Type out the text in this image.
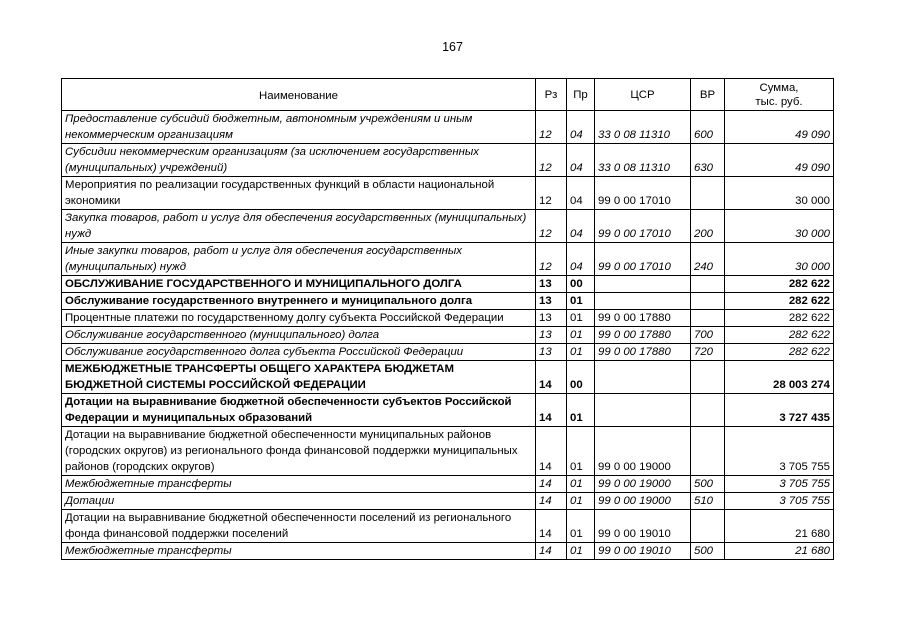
167
Наименование	Рз	Пр	ЦСР	ВР	Сумма,
тыс. руб.
Предоставление субсидий бюджетным, автономным учреждениям и иным некоммерческим организациям	12	04	33 0 08 11310	600	49 090
Субсидии некоммерческим организациям (за исключением государственных (муниципальных) учреждений)	12	04	33 0 08 11310	630	49 090
Мероприятия по реализации государственных функций в области национальной экономики	12	04	99 0 00 17010		30 000
Закупка товаров, работ и услуг для обеспечения государственных (муниципальных) нужд	12	04	99 0 00 17010	200	30 000
Иные закупки товаров, работ и услуг для обеспечения государственных (муниципальных) нужд	12	04	99 0 00 17010	240	30 000
ОБСЛУЖИВАНИЕ ГОСУДАРСТВЕННОГО И МУНИЦИПАЛЬНОГО ДОЛГА	13	00			282 622
Обслуживание государственного внутреннего и муниципального долга	13	01			282 622
Процентные платежи по государственному долгу субъекта Российской Федерации	13	01	99 0 00 17880		282 622
Обслуживание государственного (муниципального) долга	13	01	99 0 00 17880	700	282 622
Обслуживание государственного долга субъекта Российской Федерации	13	01	99 0 00 17880	720	282 622
МЕЖБЮДЖЕТНЫЕ ТРАНСФЕРТЫ ОБЩЕГО ХАРАКТЕРА БЮДЖЕТАМ БЮДЖЕТНОЙ СИСТЕМЫ РОССИЙСКОЙ ФЕДЕРАЦИИ	14	00			28 003 274
Дотации на выравнивание бюджетной обеспеченности субъектов Российской Федерации и муниципальных образований	14	01			3 727 435
Дотации на выравнивание бюджетной обеспеченности муниципальных районов (городских округов) из регионального фонда финансовой поддержки муниципальных районов (городских округов)	14	01	99 0 00 19000		3 705 755
Межбюджетные трансферты	14	01	99 0 00 19000	500	3 705 755
Дотации	14	01	99 0 00 19000	510	3 705 755
Дотации на выравнивание бюджетной обеспеченности поселений из регионального фонда финансовой поддержки поселений	14	01	99 0 00 19010		21 680
Межбюджетные трансферты	14	01	99 0 00 19010	500	21 680
